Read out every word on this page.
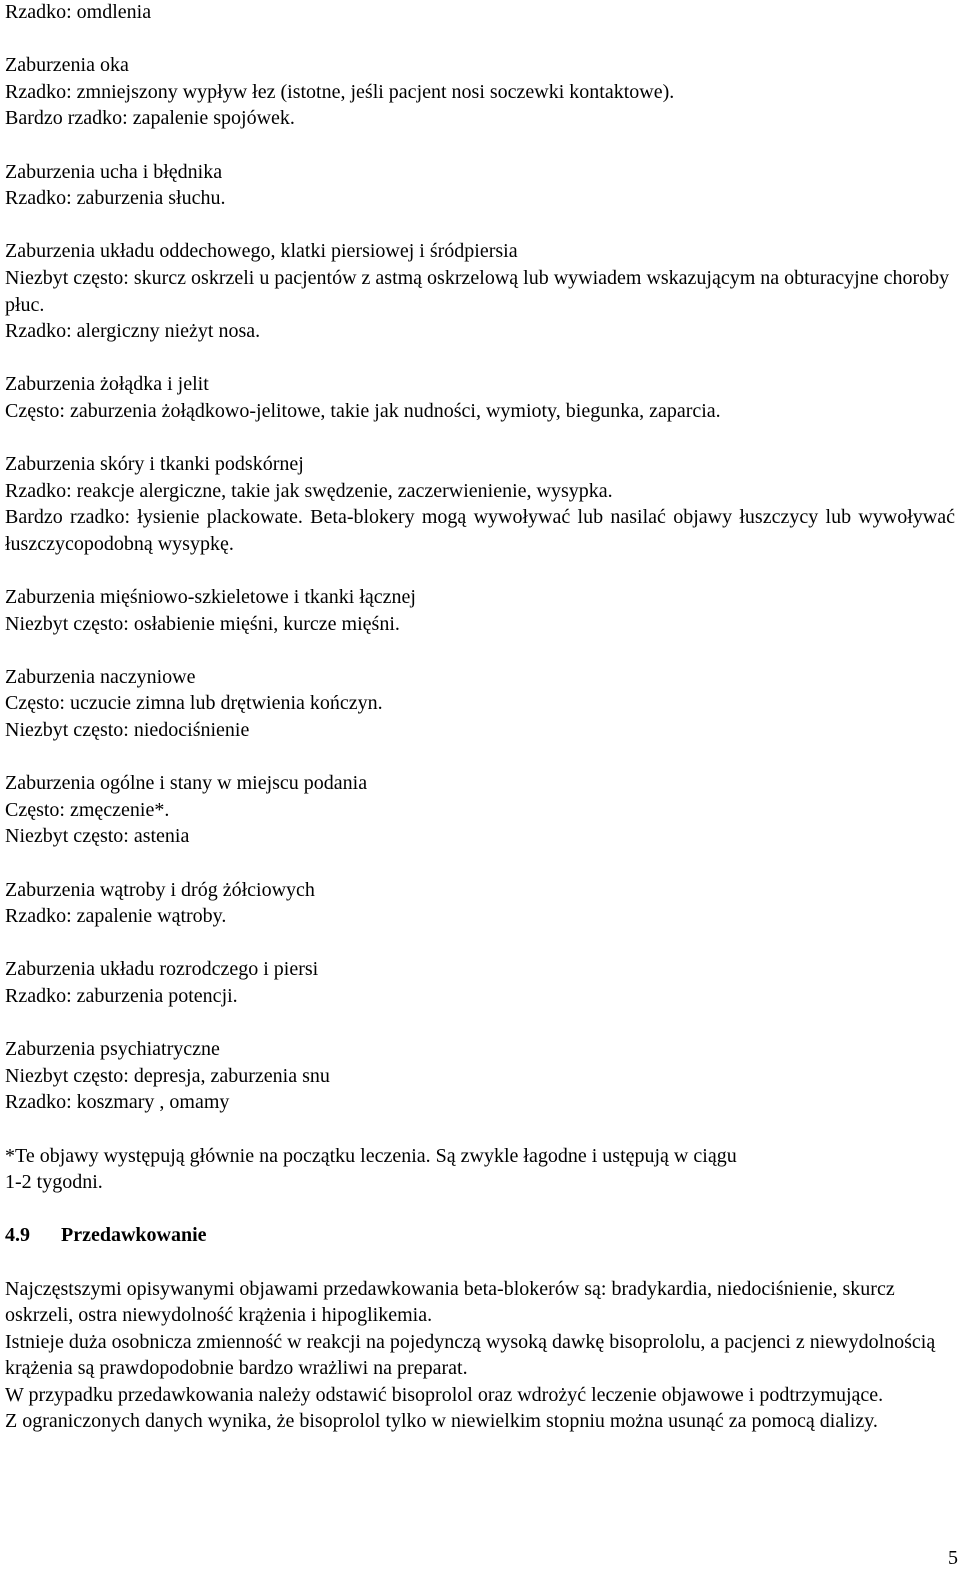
Rzadko: omdlenia
Zaburzenia oka
Rzadko: zmniejszony wypływ łez (istotne, jeśli pacjent nosi soczewki kontaktowe).
Bardzo rzadko: zapalenie spojówek.
Zaburzenia ucha i błędnika
Rzadko: zaburzenia słuchu.
Zaburzenia układu oddechowego, klatki piersiowej i śródpiersia
Niezbyt często: skurcz oskrzeli u pacjentów z astmą oskrzelową lub wywiadem wskazującym na obturacyjne choroby płuc.
Rzadko: alergiczny nieżyt nosa.
Zaburzenia żołądka i jelit
Często: zaburzenia żołądkowo-jelitowe, takie jak nudności, wymioty, biegunka, zaparcia.
Zaburzenia skóry i tkanki podskórnej
Rzadko: reakcje alergiczne, takie jak swędzenie, zaczerwienienie, wysypka.
Bardzo rzadko: łysienie plackowate. Beta-blokery mogą wywoływać lub nasilać objawy łuszczycy lub wywoływać łuszczycopodobną wysypkę.
Zaburzenia mięśniowo-szkieletowe i tkanki łącznej
Niezbyt często: osłabienie mięśni, kurcze mięśni.
Zaburzenia naczyniowe
Często: uczucie zimna lub drętwienia kończyn.
Niezbyt często: niedociśnienie
Zaburzenia ogólne i stany w miejscu podania
Często: zmęczenie*.
Niezbyt często: astenia
Zaburzenia wątroby i dróg żółciowych
Rzadko: zapalenie wątroby.
Zaburzenia układu rozrodczego i piersi
Rzadko: zaburzenia potencji.
Zaburzenia psychiatryczne
Niezbyt często: depresja, zaburzenia snu
Rzadko: koszmary , omamy
*Te objawy występują głównie na początku leczenia. Są zwykle łagodne i ustępują w ciągu
1-2 tygodni.
4.9 Przedawkowanie
Najczęstszymi opisywanymi objawami przedawkowania beta-blokerów są: bradykardia, niedociśnienie, skurcz oskrzeli, ostra niewydolność krążenia i hipoglikemia.
Istnieje duża osobnicza zmienność w reakcji na pojedynczą wysoką dawkę bisoprololu, a pacjenci z niewydolnością krążenia są prawdopodobnie bardzo wrażliwi na preparat.
W przypadku przedawkowania należy odstawić bisoprolol oraz wdrożyć leczenie objawowe i podtrzymujące.
Z ograniczonych danych wynika, że bisoprolol tylko w niewielkim stopniu można usunąć za pomocą dializy.
5
